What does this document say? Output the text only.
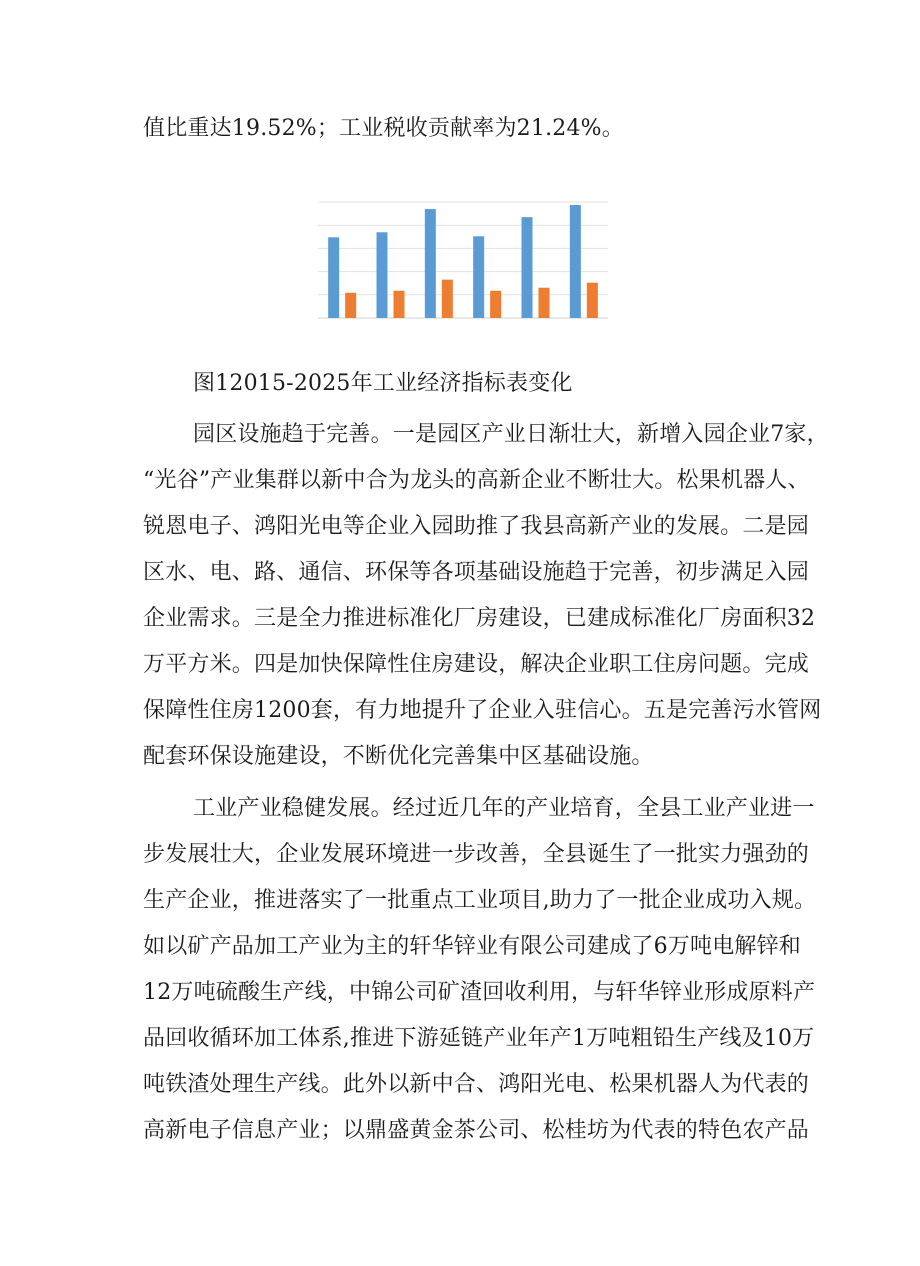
值比重达19.52%；工业税收贡献率为21.24%。
图12015-2025年工业经济指标表变化
园区设施趋于完善。一是园区产业日渐壮大，新增入园企业7家，
“光谷”产业集群以新中合为龙头的高新企业不断壮大。松果机器人、
锐恩电子、鸿阳光电等企业入园助推了我县高新产业的发展。二是园
区水、电、路、通信、环保等各项基础设施趋于完善，初步满足入园
企业需求。三是全力推进标准化厂房建设，已建成标准化厂房面积32
万平方米。四是加快保障性住房建设，解决企业职工住房问题。完成
保障性住房1200套，有力地提升了企业入驻信心。五是完善污水管网
配套环保设施建设，不断优化完善集中区基础设施。
工业产业稳健发展。经过近几年的产业培育，全县工业产业进一
步发展壮大，企业发展环境进一步改善，全县诞生了一批实力强劲的
生产企业，推进落实了一批重点工业项目,助力了一批企业成功入规。
如以矿产品加工产业为主的轩华锌业有限公司建成了6万吨电解锌和
12万吨硫酸生产线，中锦公司矿渣回收利用，与轩华锌业形成原料产
品回收循环加工体系,推进下游延链产业年产1万吨粗铅生产线及10万
吨铁渣处理生产线。此外以新中合、鸿阳光电、松果机器人为代表的
高新电子信息产业；以鼎盛黄金茶公司、松桂坊为代表的特色农产品
